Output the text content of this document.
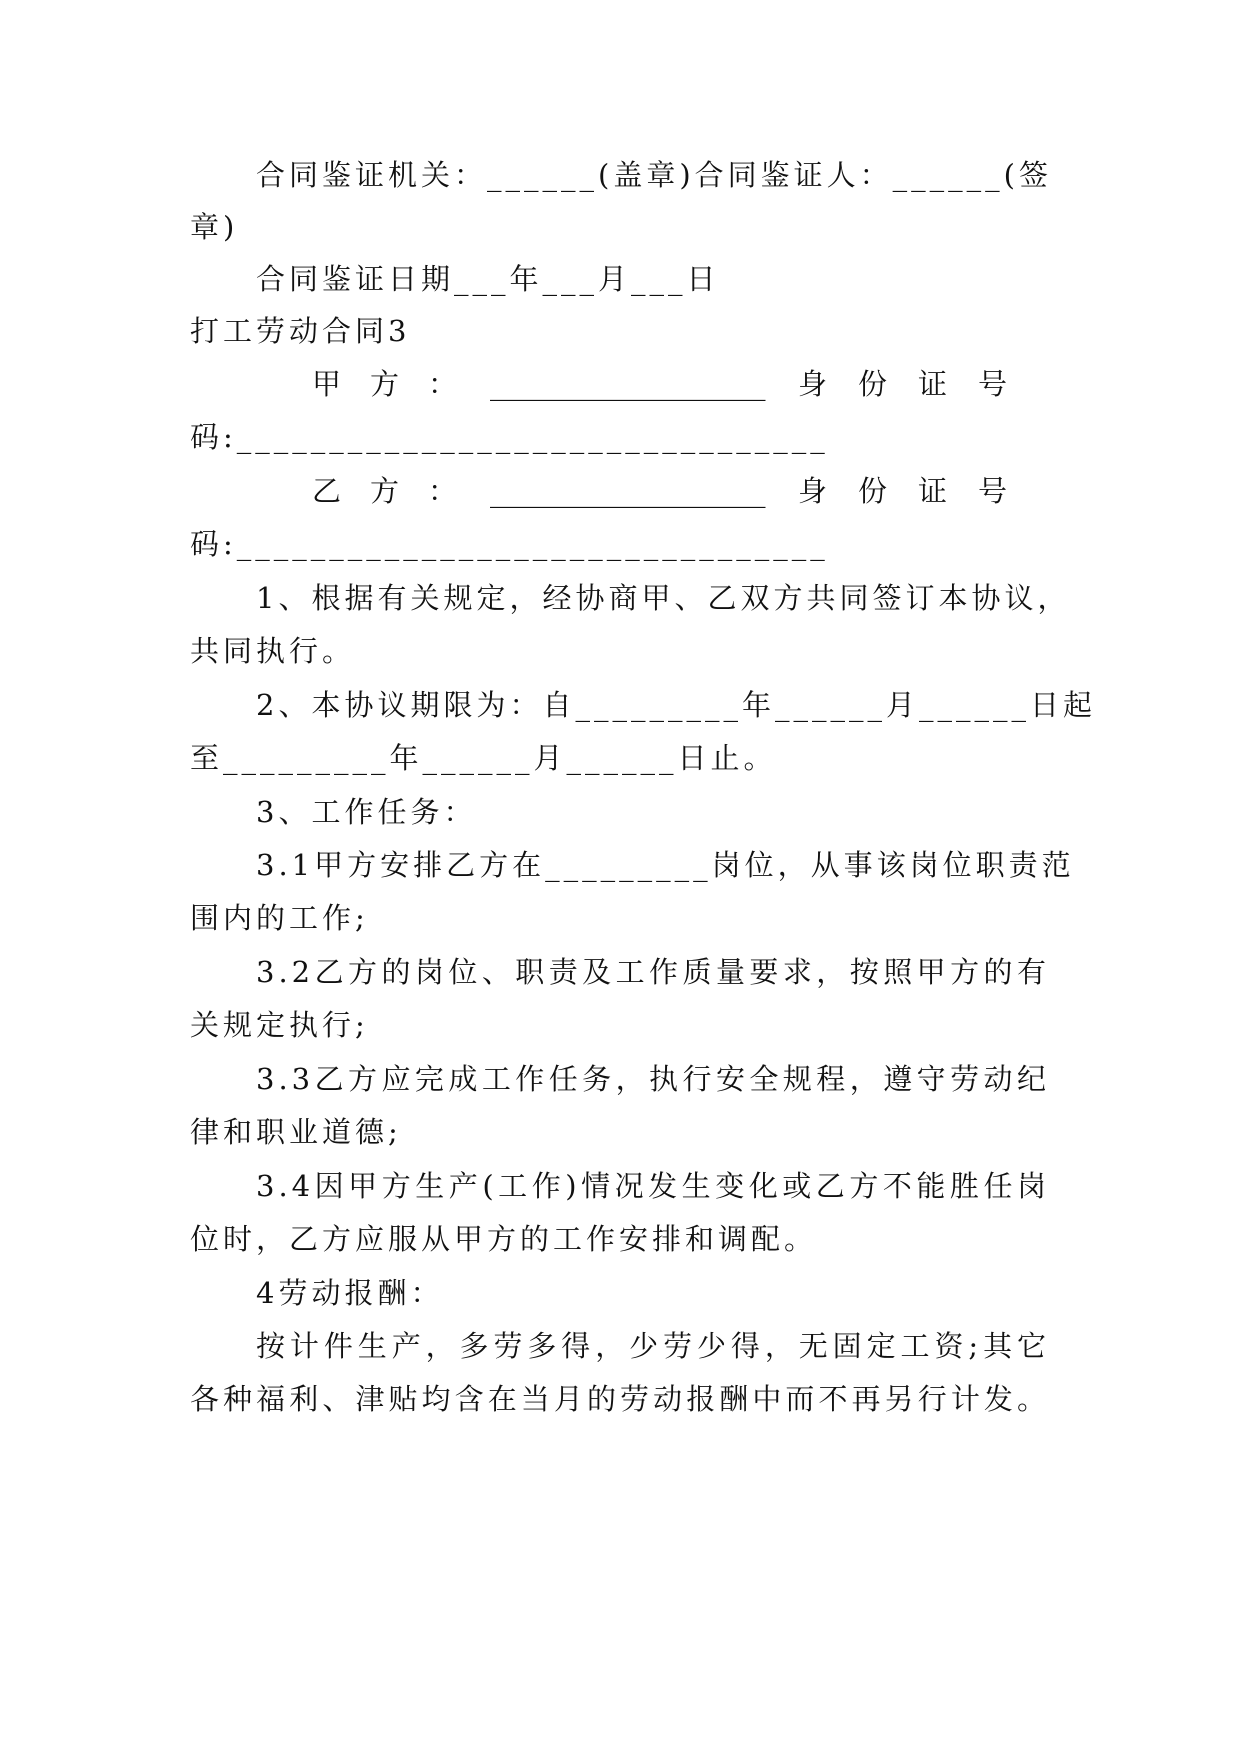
合同鉴证机关：______(盖章)合同鉴证人：______(签
章)
合同鉴证日期___年___月___日
打工劳动合同3
甲 方 ： ___________________ 身 份 证 号
码:________________________________
乙 方 ： ___________________ 身 份 证 号
码:________________________________
1、根据有关规定，经协商甲、乙双方共同签订本协议，
共同执行。
2、本协议期限为：自_________年______月______日起
至_________年______月______日止。
3、工作任务：
3.1甲方安排乙方在_________岗位，从事该岗位职责范
围内的工作;
3.2乙方的岗位、职责及工作质量要求，按照甲方的有
关规定执行;
3.3乙方应完成工作任务，执行安全规程，遵守劳动纪
律和职业道德;
3.4因甲方生产(工作)情况发生变化或乙方不能胜任岗
位时，乙方应服从甲方的工作安排和调配。
4劳动报酬：
按计件生产，多劳多得，少劳少得，无固定工资;其它
各种福利、津贴均含在当月的劳动报酬中而不再另行计发。
